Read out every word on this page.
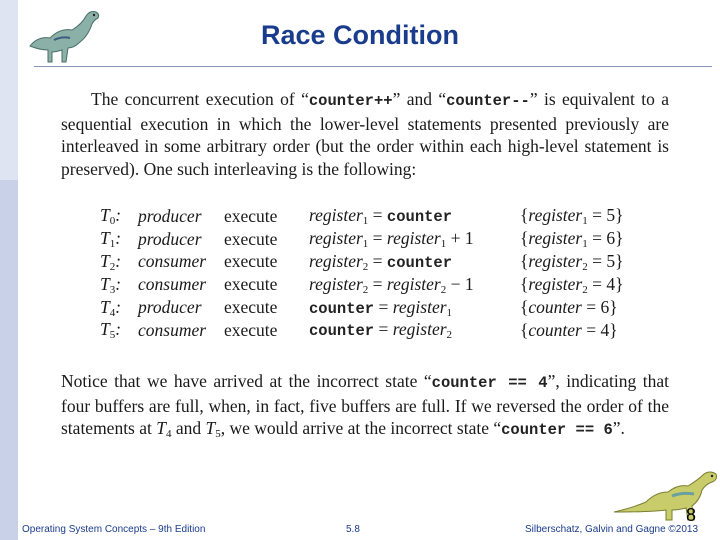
Race Condition
The concurrent execution of “counter++” and “counter--” is equivalent to a sequential execution in which the lower-level statements presented previously are interleaved in some arbitrary order (but the order within each high-level statement is preserved). One such interleaving is the following:
$T_0$:	producer	execute	register$_1$ = counter	{register$_1$ = 5}
$T_1$:	producer	execute	register$_1$ = register$_1$ + 1	{register$_1$ = 6}
$T_2$:	consumer	execute	register$_2$ = counter	{register$_2$ = 5}
$T_3$:	consumer	execute	register$_2$ = register$_2$ − 1	{register$_2$ = 4}
$T_4$:	producer	execute	counter = register$_1$	{counter = 6}
$T_5$:	consumer	execute	counter = register$_2$	{counter = 4}
Notice that we have arrived at the incorrect state “counter == 4”, indicating that four buffers are full, when, in fact, five buffers are full. If we reversed the order of the statements at $T_4$ and $T_5$, we would arrive at the incorrect state “counter == 6”.
Operating System Concepts – 9th Edition	5.8	Silberschatz, Galvin and Gagne ©2013
8
